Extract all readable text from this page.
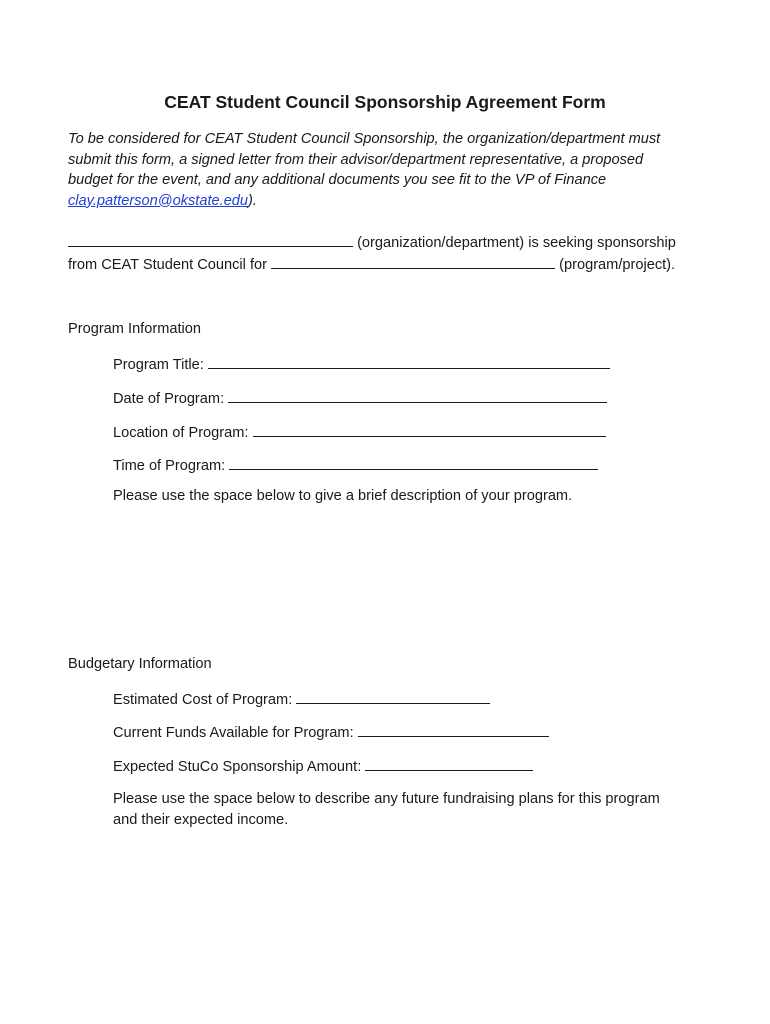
CEAT Student Council Sponsorship Agreement Form
To be considered for CEAT Student Council Sponsorship, the organization/department must
submit this form, a signed letter from their advisor/department representative, a proposed
budget for the event, and any additional documents you see fit to the VP of Finance
clay.patterson@okstate.edu).
(organization/department) is seeking sponsorship
from CEAT Student Council for	(program/project).
Program Information
Program Title:
Date of Program:
Location of Program:
Time of Program:
Please use the space below to give a brief description of your program.
Budgetary Information
Estimated Cost of Program:
Current Funds Available for Program:
Expected StuCo Sponsorship Amount:
Please use the space below to describe any future fundraising plans for this program
and their expected income.
